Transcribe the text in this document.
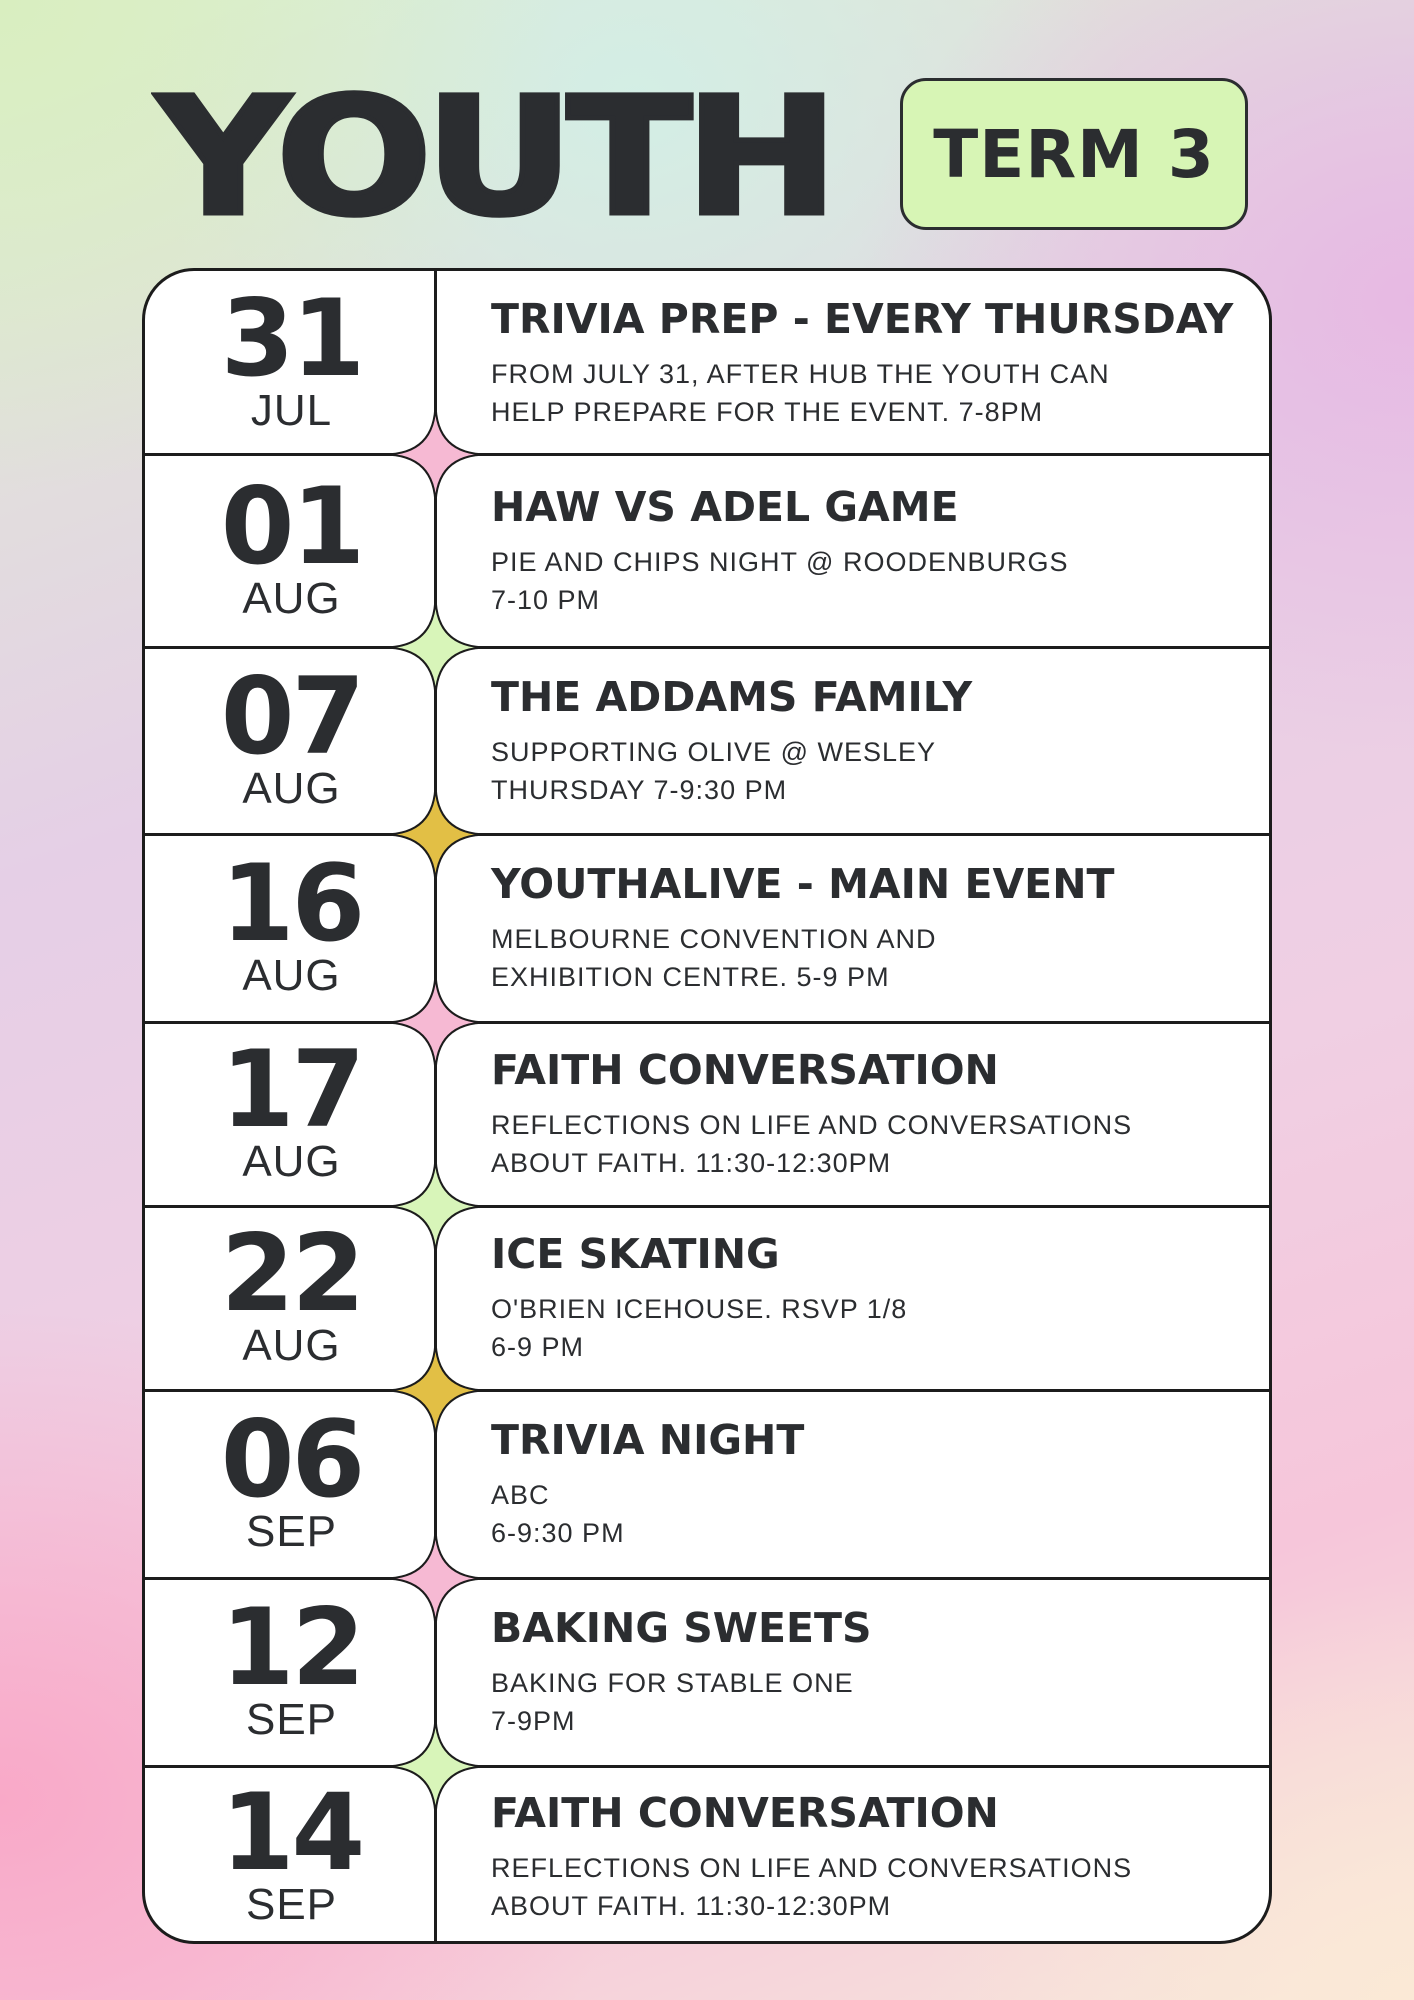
YOUTH TERM 3
31
JUL
TRIVIA PREP - EVERY THURSDAY
FROM JULY 31, AFTER HUB THE YOUTH CAN
HELP PREPARE FOR THE EVENT. 7-8PM
01
AUG
HAW VS ADEL GAME
PIE AND CHIPS NIGHT @ ROODENBURGS
7-10 PM
07
AUG
THE ADDAMS FAMILY
SUPPORTING OLIVE @ WESLEY
THURSDAY 7-9:30 PM
16
AUG
YOUTHALIVE - MAIN EVENT
MELBOURNE CONVENTION AND
EXHIBITION CENTRE. 5-9 PM
17
AUG
FAITH CONVERSATION
REFLECTIONS ON LIFE AND CONVERSATIONS
ABOUT FAITH. 11:30-12:30PM
22
AUG
ICE SKATING
O'BRIEN ICEHOUSE. RSVP 1/8
6-9 PM
06
SEP
TRIVIA NIGHT
ABC
6-9:30 PM
12
SEP
BAKING SWEETS
BAKING FOR STABLE ONE
7-9PM
14
SEP
FAITH CONVERSATION
REFLECTIONS ON LIFE AND CONVERSATIONS
ABOUT FAITH. 11:30-12:30PM
